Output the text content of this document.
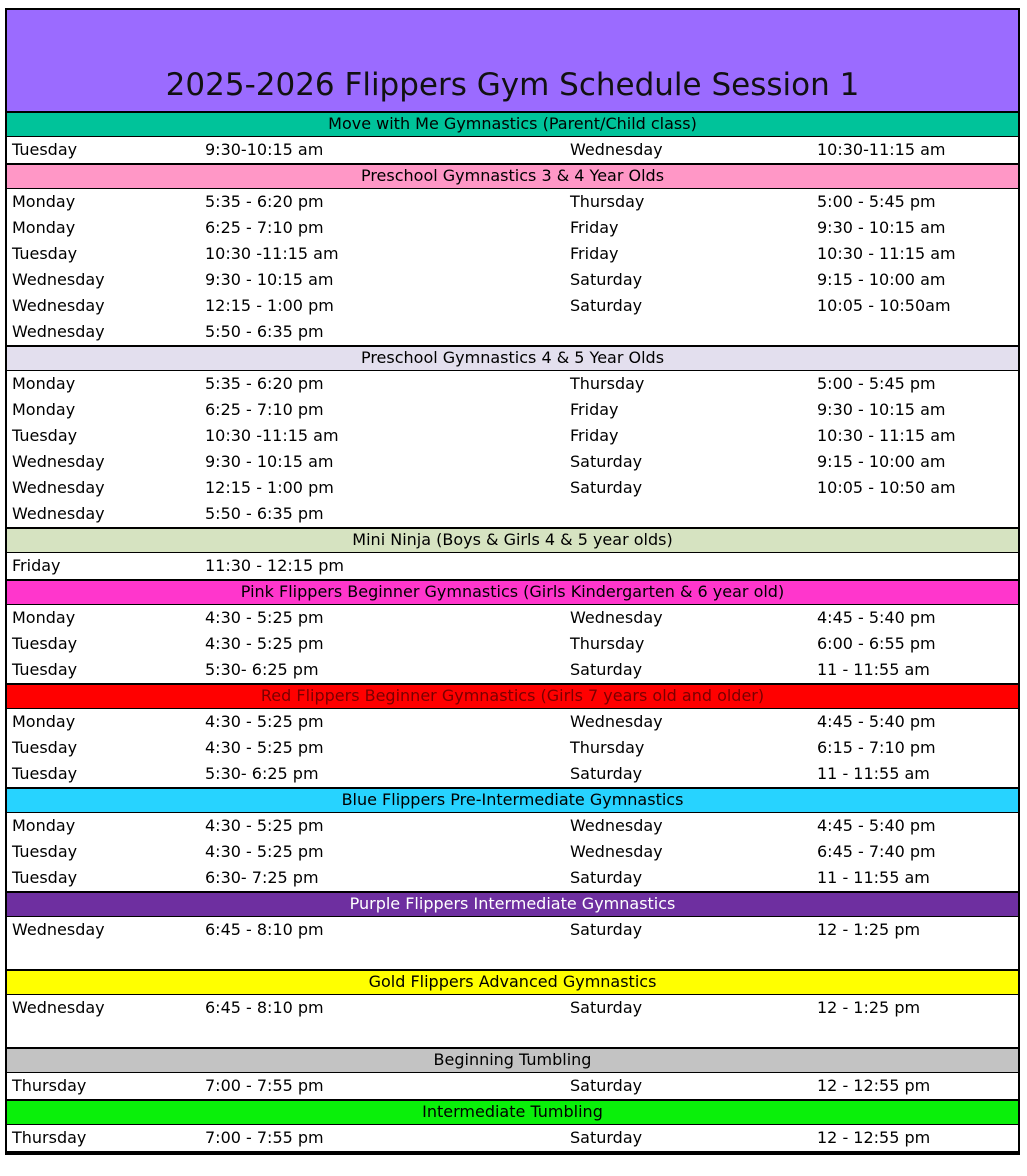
2025-2026 Flippers Gym Schedule Session 1
Move with Me Gymnastics (Parent/Child class)
Tuesday	9:30-10:15 am	Wednesday	10:30-11:15 am
Preschool Gymnastics 3 & 4 Year Olds
Monday	5:35 - 6:20 pm	Thursday	5:00 - 5:45 pm
Monday	6:25 - 7:10 pm	Friday	9:30 - 10:15 am
Tuesday	10:30 -11:15 am	Friday	10:30 - 11:15 am
Wednesday	9:30 - 10:15 am	Saturday	9:15 - 10:00 am
Wednesday	12:15 - 1:00 pm	Saturday	10:05 - 10:50am
Wednesday	5:50 - 6:35 pm
Preschool Gymnastics 4 & 5 Year Olds
Monday	5:35 - 6:20 pm	Thursday	5:00 - 5:45 pm
Monday	6:25 - 7:10 pm	Friday	9:30 - 10:15 am
Tuesday	10:30 -11:15 am	Friday	10:30 - 11:15 am
Wednesday	9:30 - 10:15 am	Saturday	9:15 - 10:00 am
Wednesday	12:15 - 1:00 pm	Saturday	10:05 - 10:50 am
Wednesday	5:50 - 6:35 pm
Mini Ninja (Boys & Girls 4 & 5 year olds)
Friday	11:30 - 12:15 pm
Pink Flippers Beginner Gymnastics (Girls Kindergarten & 6 year old)
Monday	4:30 - 5:25 pm	Wednesday	4:45 - 5:40 pm
Tuesday	4:30 - 5:25 pm	Thursday	6:00 - 6:55 pm
Tuesday	5:30- 6:25 pm	Saturday	11 - 11:55 am
Red Flippers Beginner Gymnastics (Girls 7 years old and older)
Monday	4:30 - 5:25 pm	Wednesday	4:45 - 5:40 pm
Tuesday	4:30 - 5:25 pm	Thursday	6:15 - 7:10 pm
Tuesday	5:30- 6:25 pm	Saturday	11 - 11:55 am
Blue Flippers Pre-Intermediate Gymnastics
Monday	4:30 - 5:25 pm	Wednesday	4:45 - 5:40 pm
Tuesday	4:30 - 5:25 pm	Wednesday	6:45 - 7:40 pm
Tuesday	6:30- 7:25 pm	Saturday	11 - 11:55 am
Purple Flippers Intermediate Gymnastics
Wednesday	6:45 - 8:10 pm	Saturday	12 - 1:25 pm
Gold Flippers Advanced Gymnastics
Wednesday	6:45 - 8:10 pm	Saturday	12 - 1:25 pm
Beginning Tumbling
Thursday	7:00 - 7:55 pm	Saturday	12 - 12:55 pm
Intermediate Tumbling
Thursday	7:00 - 7:55 pm	Saturday	12 - 12:55 pm
